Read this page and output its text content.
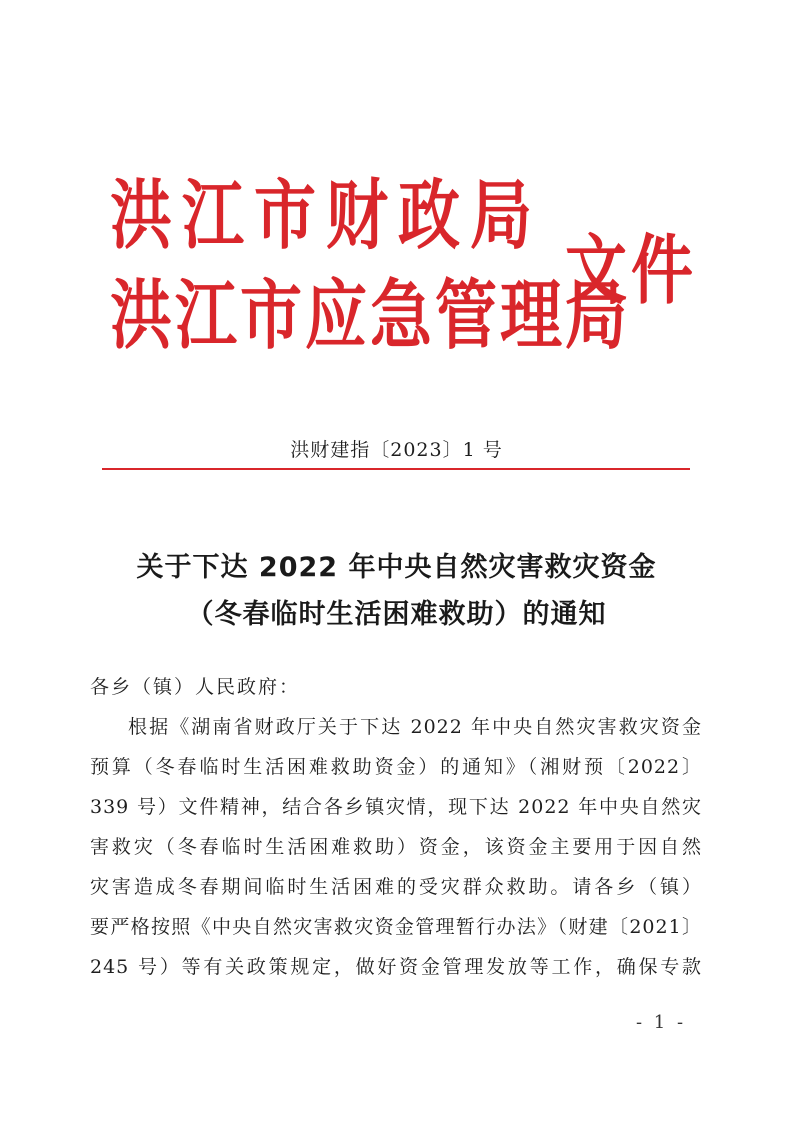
洪江市财政局
洪江市应急管理局
文件
洪财建指〔2023〕1 号
关于下达 2022 年中央自然灾害救灾资金
（冬春临时生活困难救助）的通知
各乡（镇）人民政府：
根据《湖南省财政厅关于下达 2022 年中央自然灾害救灾资金
预算（冬春临时生活困难救助资金）的通知》（湘财预〔2022〕
339 号）文件精神，结合各乡镇灾情，现下达 2022 年中央自然灾
害救灾（冬春临时生活困难救助）资金，该资金主要用于因自然
灾害造成冬春期间临时生活困难的受灾群众救助。请各乡（镇）
要严格按照《中央自然灾害救灾资金管理暂行办法》（财建〔2021〕
245 号）等有关政策规定，做好资金管理发放等工作，确保专款
- 1 -
